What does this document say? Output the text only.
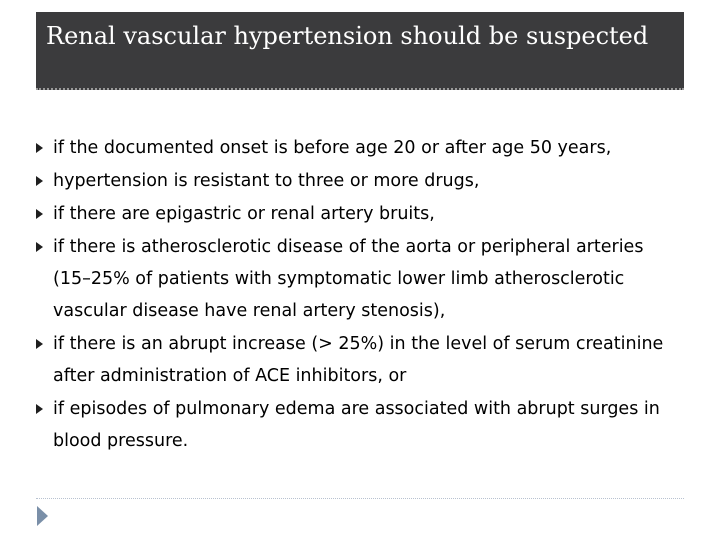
Renal vascular hypertension should be suspected
if the documented onset is before age 20 or after age 50 years,
hypertension is resistant to three or more drugs,
if there are epigastric or renal artery bruits,
if there is atherosclerotic disease of the aorta or peripheral arteries (15–25% of patients with symptomatic lower limb atherosclerotic vascular disease have renal artery stenosis),
if there is an abrupt increase (> 25%) in the level of serum creatinine after administration of ACE inhibitors, or
if episodes of pulmonary edema are associated with abrupt surges in blood pressure.
